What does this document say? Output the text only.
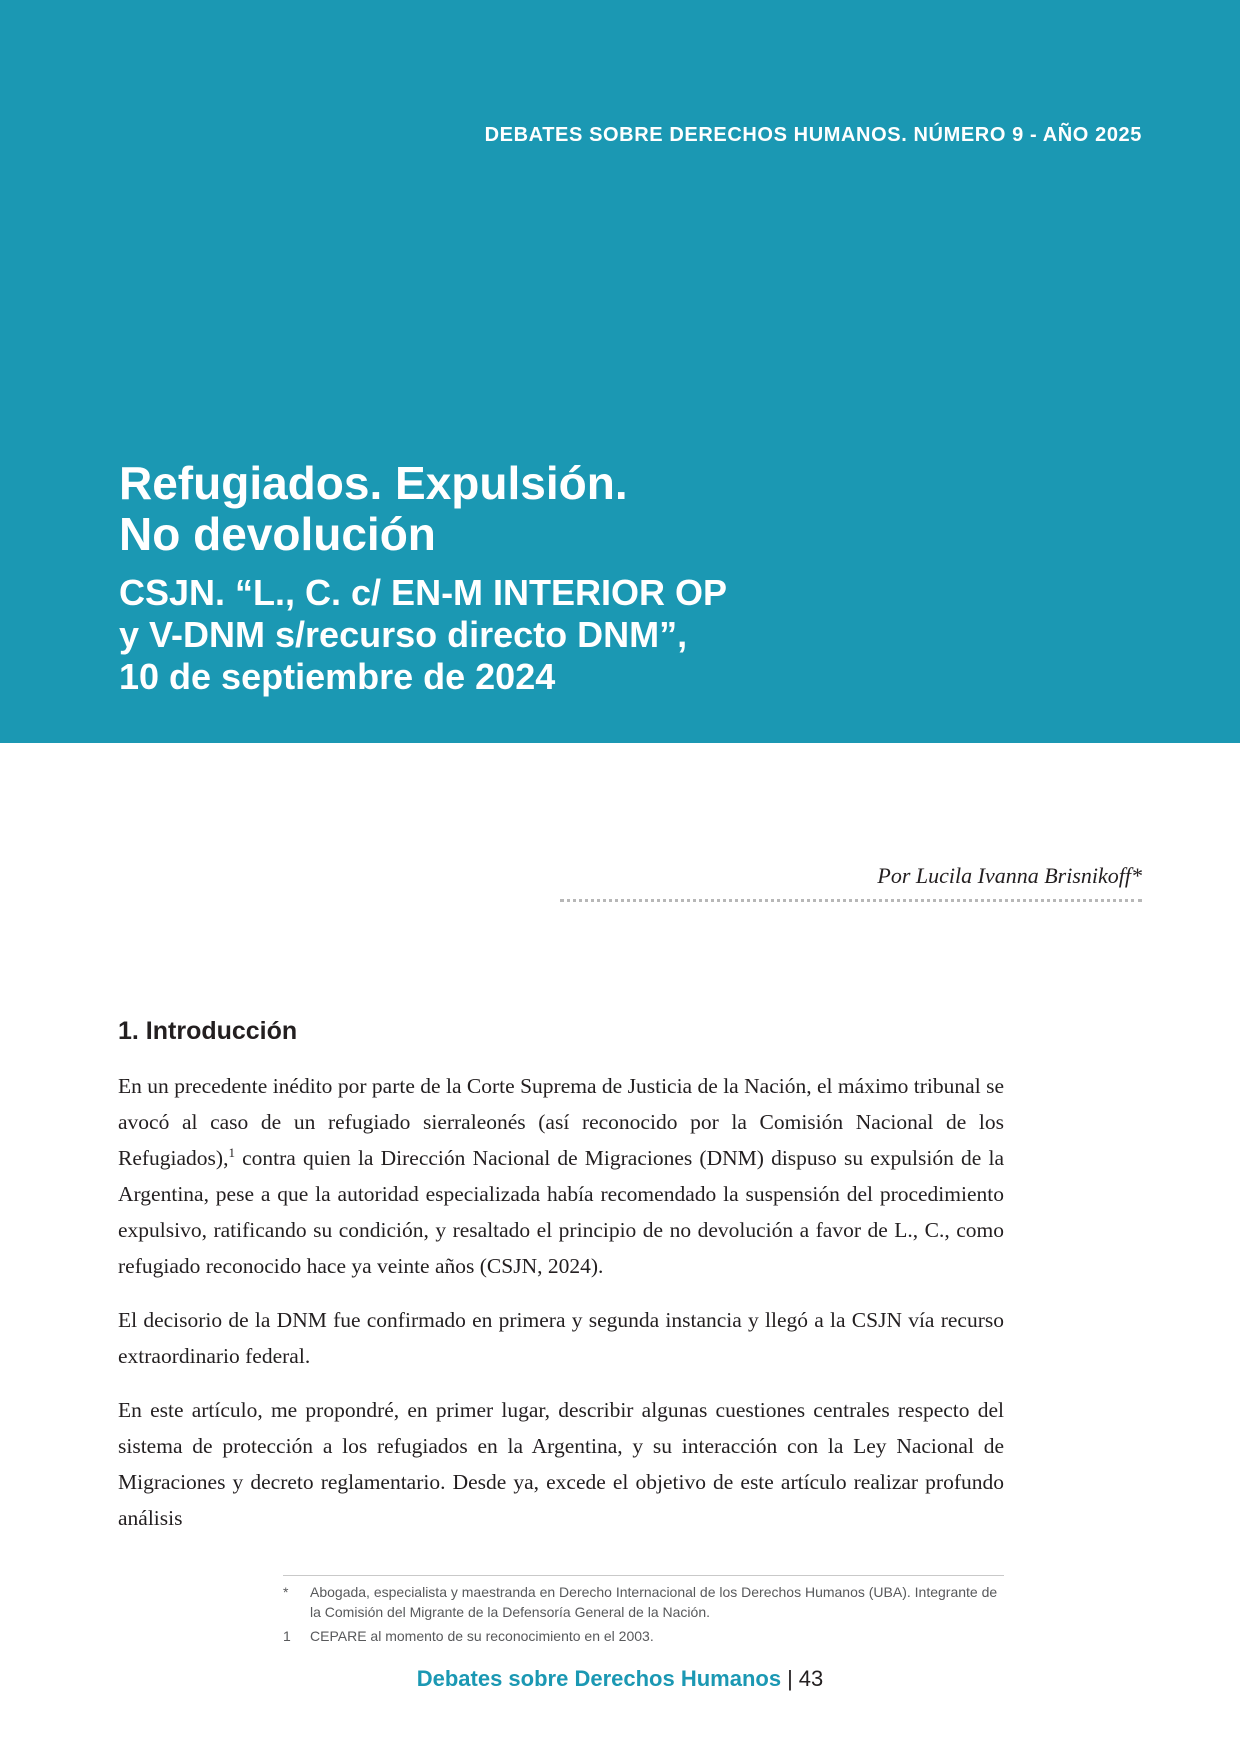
DEBATES SOBRE DERECHOS HUMANOS. NÚMERO 9 - AÑO 2025
Refugiados. Expulsión.
No devolución
CSJN. “L., C. c/ EN-M INTERIOR OP
y V-DNM s/recurso directo DNM”,
10 de septiembre de 2024
Por Lucila Ivanna Brisnikoff*
1. Introducción

En un precedente inédito por parte de la Corte Suprema de Justicia de la Nación, el máximo tribunal se avocó al caso de un refugiado sierraleonés (así reconocido por la Comisión Nacional de los Refugiados),$^1$ contra quien la Dirección Nacional de Migraciones (DNM) dispuso su expulsión de la Argentina, pese a que la autoridad especializada había recomendado la suspensión del procedimiento expulsivo, ratificando su condición, y resaltado el principio de no devolución a favor de L., C., como refugiado reconocido hace ya veinte años (CSJN, 2024).

El decisorio de la DNM fue confirmado en primera y segunda instancia y llegó a la CSJN vía recurso extraordinario federal.

En este artículo, me propondré, en primer lugar, describir algunas cuestiones centrales respecto del sistema de protección a los refugiados en la Argentina, y su interacción con la Ley Nacional de Migraciones y decreto reglamentario. Desde ya, excede el objetivo de este artículo realizar profundo análisis

* Abogada, especialista y maestranda en Derecho Internacional de los Derechos Humanos (UBA). Integrante de la Comisión del Migrante de la Defensoría General de la Nación.
1 CEPARE al momento de su reconocimiento en el 2003.
Debates sobre Derechos Humanos | 43
